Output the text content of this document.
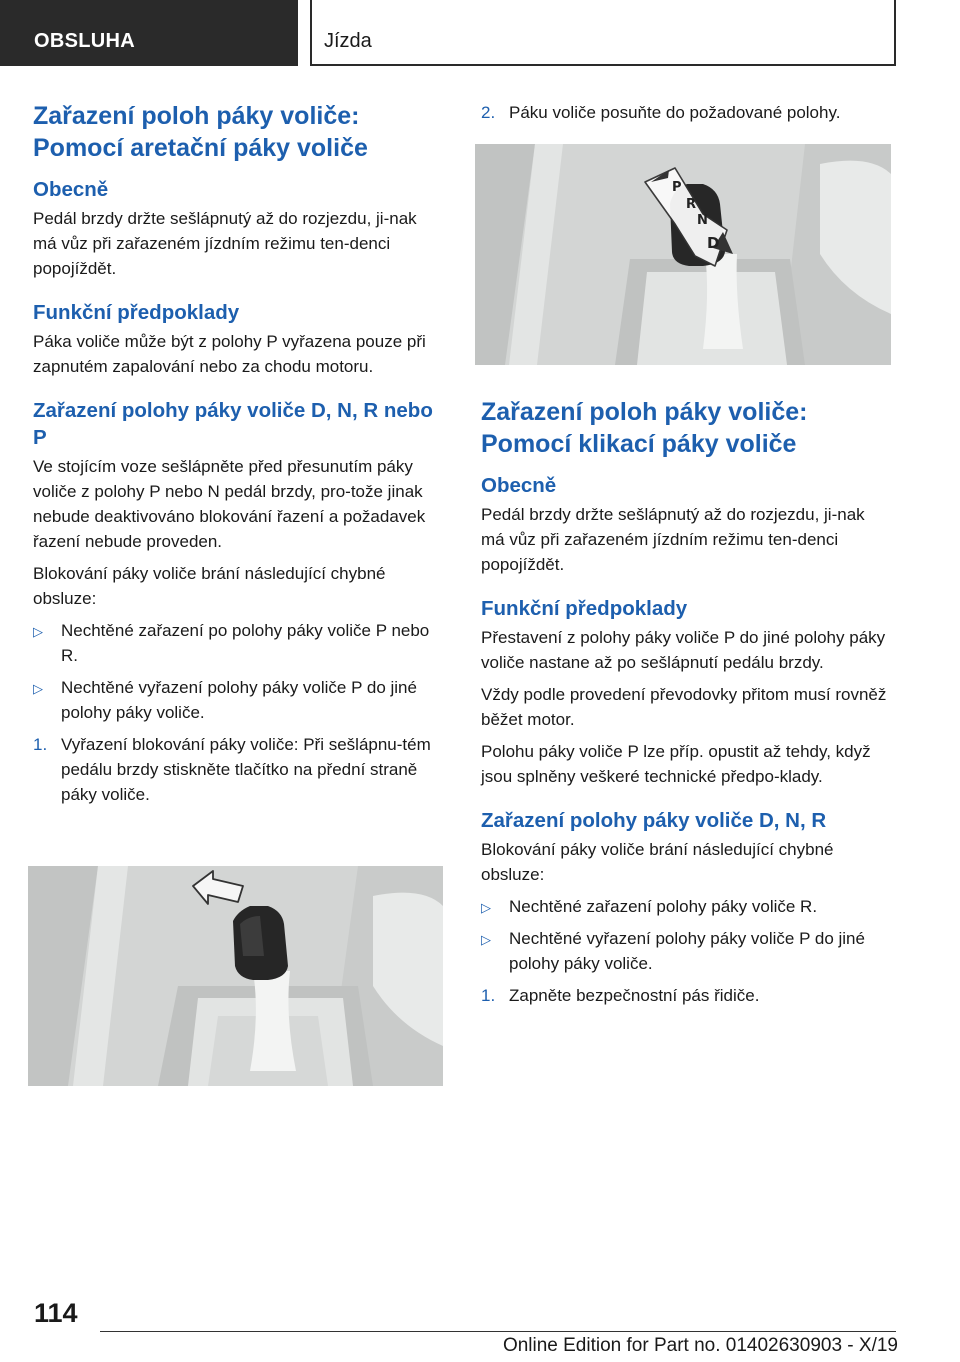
OBSLUHA	Jízda
Zařazení poloh páky voliče: Pomocí aretační páky voliče
Obecně

Pedál brzdy držte sešlápnutý až do rozjezdu, ji-nak má vůz při zařazeném jízdním režimu ten-denci popojíždět.

Funkční předpoklady

Páka voliče může být z polohy P vyřazena pouze při zapnutém zapalování nebo za chodu motoru.

Zařazení polohy páky voliče D, N, R nebo P

Ve stojícím voze sešlápněte před přesunutím páky voliče z polohy P nebo N pedál brzdy, pro-tože jinak nebude deaktivováno blokování řazení a požadavek řazení nebude proveden.

Blokování páky voliče brání následující chybné obsluze:

▷ Nechtěné zařazení po polohy páky voliče P nebo R.
▷ Nechtěné vyřazení polohy páky voliče P do jiné polohy páky voliče.
1. Vyřazení blokování páky voliče: Při sešlápnu-tém pedálu brzdy stiskněte tlačítko na přední straně páky voliče.
2. Páku voliče posuňte do požadované polohy.
P
R
N
D
Zařazení poloh páky voliče: Pomocí klikací páky voliče
Obecně

Pedál brzdy držte sešlápnutý až do rozjezdu, ji-nak má vůz při zařazeném jízdním režimu ten-denci popojíždět.

Funkční předpoklady

Přestavení z polohy páky voliče P do jiné polohy páky voliče nastane až po sešlápnutí pedálu brzdy.

Vždy podle provedení převodovky přitom musí rovněž běžet motor.

Polohu páky voliče P lze příp. opustit až tehdy, když jsou splněny veškeré technické předpo-klady.

Zařazení polohy páky voliče D, N, R

Blokování páky voliče brání následující chybné obsluze:

▷ Nechtěné zařazení polohy páky voliče R.
▷ Nechtěné vyřazení polohy páky voliče P do jiné polohy páky voliče.
1. Zapněte bezpečnostní pás řidiče.
114
Online Edition for Part no. 01402630903 - X/19
